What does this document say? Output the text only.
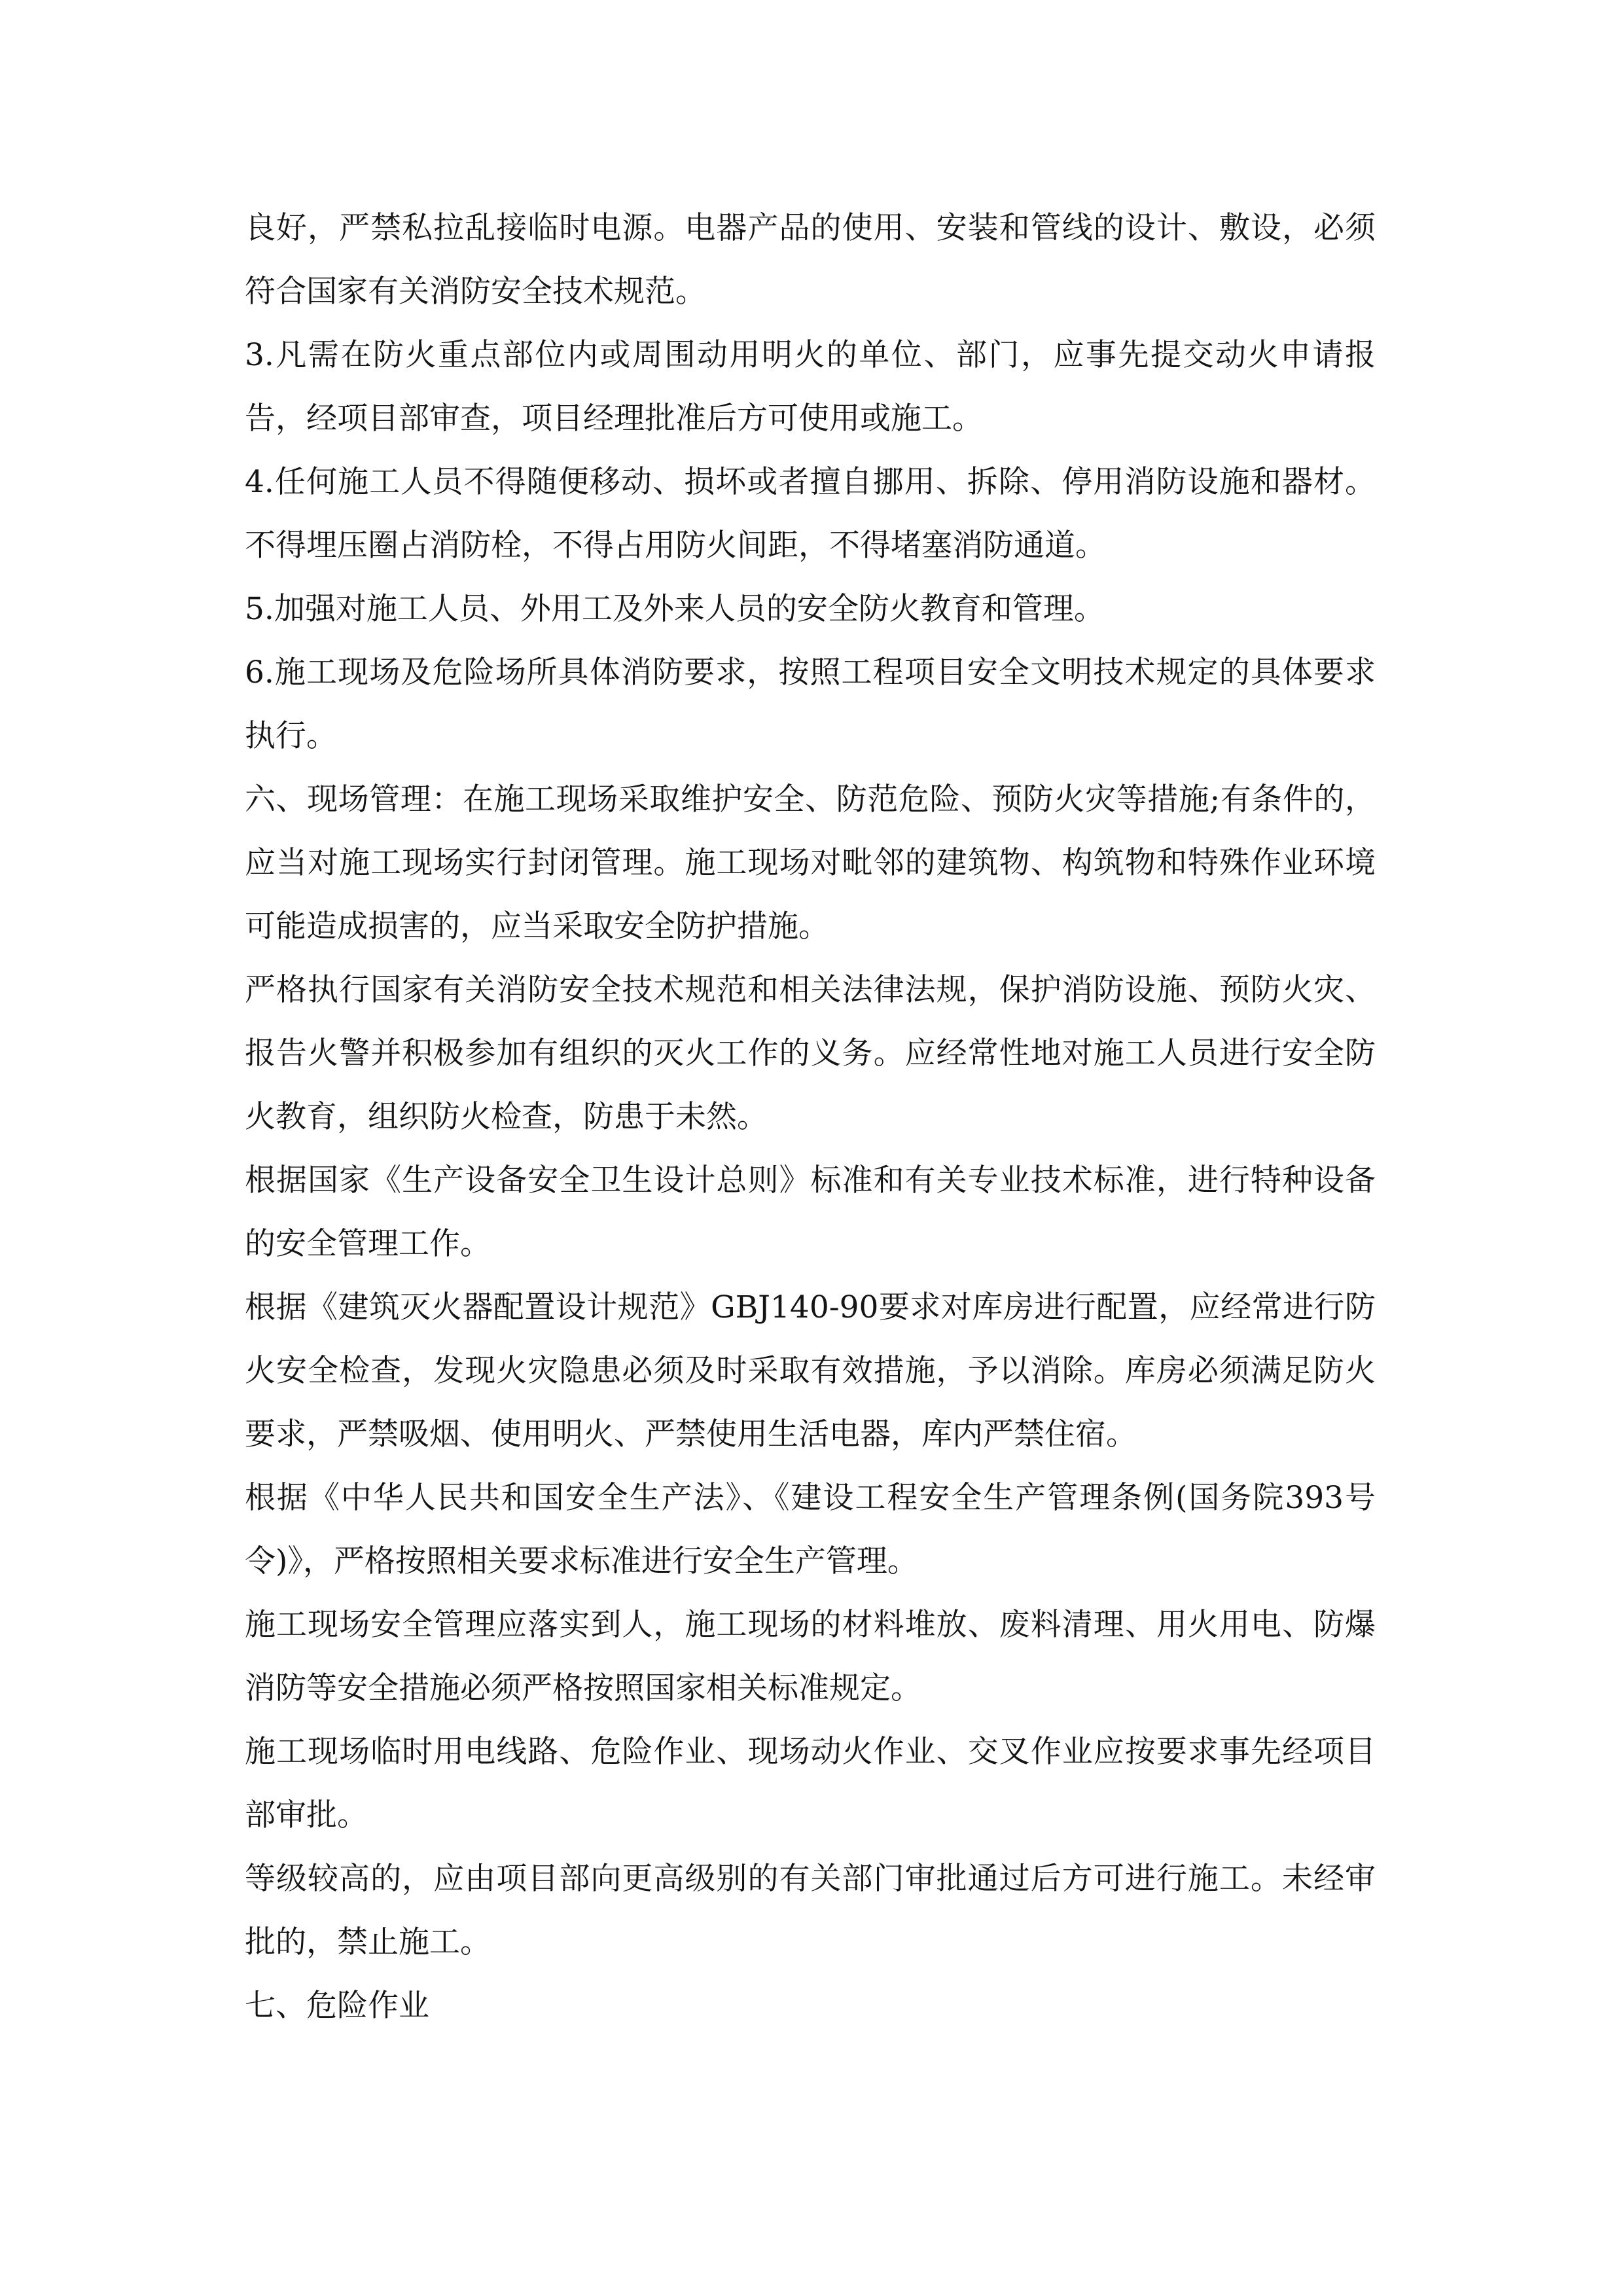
良好，严禁私拉乱接临时电源。电器产品的使用、安装和管线的设计、敷设，必须符合国家有关消防安全技术规范。

3.凡需在防火重点部位内或周围动用明火的单位、部门，应事先提交动火申请报告，经项目部审查，项目经理批准后方可使用或施工。

4.任何施工人员不得随便移动、损坏或者擅自挪用、拆除、停用消防设施和器材。不得埋压圈占消防栓，不得占用防火间距，不得堵塞消防通道。

5.加强对施工人员、外用工及外来人员的安全防火教育和管理。

6.施工现场及危险场所具体消防要求，按照工程项目安全文明技术规定的具体要求执行。

六、现场管理：在施工现场采取维护安全、防范危险、预防火灾等措施;有条件的，应当对施工现场实行封闭管理。施工现场对毗邻的建筑物、构筑物和特殊作业环境可能造成损害的，应当采取安全防护措施。

严格执行国家有关消防安全技术规范和相关法律法规，保护消防设施、预防火灾、报告火警并积极参加有组织的灭火工作的义务。应经常性地对施工人员进行安全防火教育，组织防火检查，防患于未然。

根据国家《生产设备安全卫生设计总则》标准和有关专业技术标准，进行特种设备的安全管理工作。

根据《建筑灭火器配置设计规范》GBJ140-90要求对库房进行配置，应经常进行防火安全检查，发现火灾隐患必须及时采取有效措施，予以消除。库房必须满足防火要求，严禁吸烟、使用明火、严禁使用生活电器，库内严禁住宿。

根据《中华人民共和国安全生产法》、《建设工程安全生产管理条例(国务院393号令)》，严格按照相关要求标准进行安全生产管理。

施工现场安全管理应落实到人，施工现场的材料堆放、废料清理、用火用电、防爆消防等安全措施必须严格按照国家相关标准规定。

施工现场临时用电线路、危险作业、现场动火作业、交叉作业应按要求事先经项目部审批。

等级较高的，应由项目部向更高级别的有关部门审批通过后方可进行施工。未经审批的，禁止施工。

七、危险作业
